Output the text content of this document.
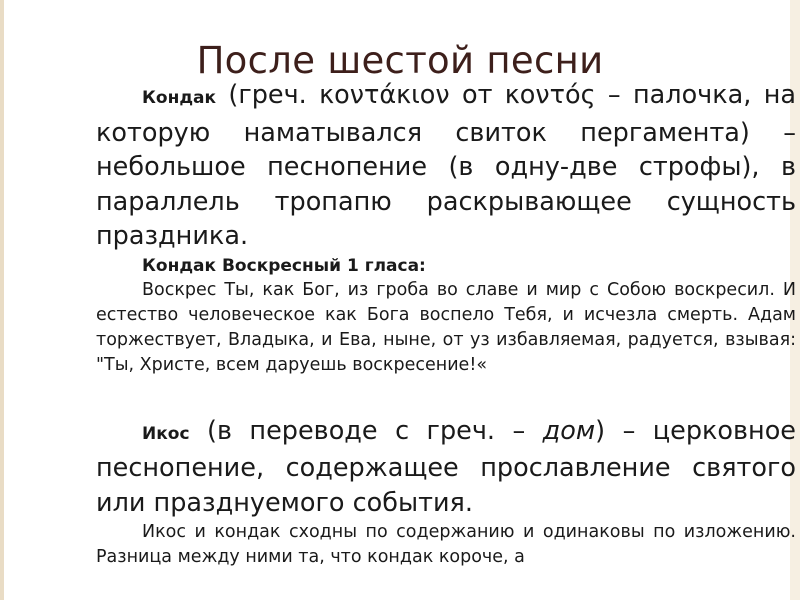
После шестой песни

Кондак (греч. κοντάκιον от κοντός – палочка, на которую наматывался свиток пергамента) – небольшое песнопение (в одну-две строфы), в параллель тропапю раскрывающее сущность праздника.

Кондак Воскресный 1 гласа:

Воскрес Ты, как Бог, из гроба во славе и мир с Собою воскресил. И естество человеческое как Бога воспело Тебя, и исчезла смерть. Адам торжествует, Владыка, и Ева, ныне, от уз избавляемая, радуется, взывая: "Ты, Христе, всем даруешь воскресение!«

Икос (в переводе с греч. – дом) – церковное песнопение, содержащее прославление святого или празднуемого события.

Икос и кондак сходны по содержанию и одинаковы по изложению. Разница между ними та, что кондак короче, а
